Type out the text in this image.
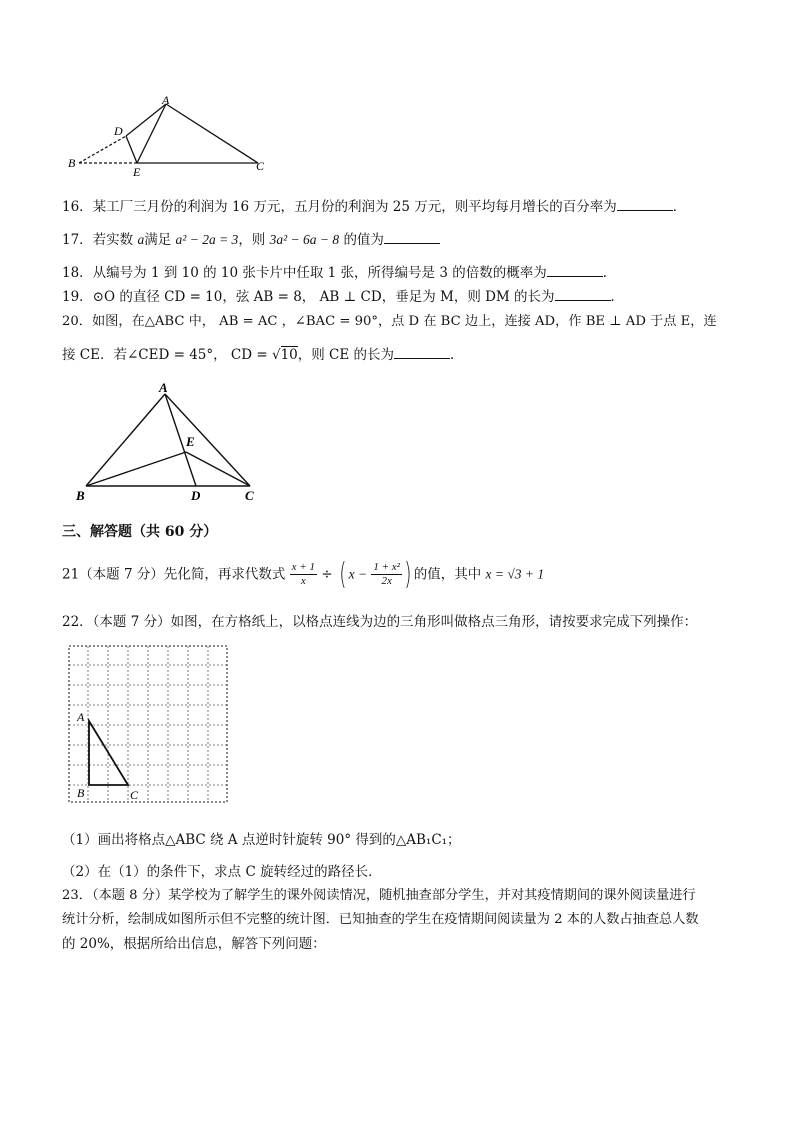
A
D
B
E	C
16．某工厂三月份的利润为 16 万元，五月份的利润为 25 万元，则平均每月增长的百分率为	．
17．若实数 a满足 a² − 2a = 3，则 3a² − 6a − 8 的值为
18．从编号为 1 到 10 的 10 张卡片中任取 1 张，所得编号是 3 的倍数的概率为	．
19．⊙O 的直径 CD = 10，弦 AB = 8， AB ⊥ CD，垂足为 M，则 DM 的长为	．
20．如图，在△ABC 中， AB = AC ，∠BAC = 90°，点 D 在 BC 边上，连接 AD，作 BE ⊥ AD 于点 E，连
接 CE．若∠CED = 45°， CD = √10，则 CE 的长为	．
A
E
B	D	C
三、解答题（共 60 分）
21（本题 7 分）先化简，再求代数式 $\frac{x + 1}{x}$ ÷ ( $x - \frac{\text{1 + x²}}{2x}$ ) 的值，其中 x = √3 + 1
22．（本题 7 分）如图，在方格纸上，以格点连线为边的三角形叫做格点三角形，请按要求完成下列操作：
A
B	C
（1）画出将格点△ABC 绕 A 点逆时针旋转 90° 得到的△AB₁C₁；
（2）在（1）的条件下，求点 C 旋转经过的路径长．
23．（本题 8 分）某学校为了解学生的课外阅读情况，随机抽查部分学生，并对其疫情期间的课外阅读量进行
统计分析，绘制成如图所示但不完整的统计图．已知抽查的学生在疫情期间阅读量为 2 本的人数占抽查总人数
的 20%，根据所给出信息，解答下列问题：
